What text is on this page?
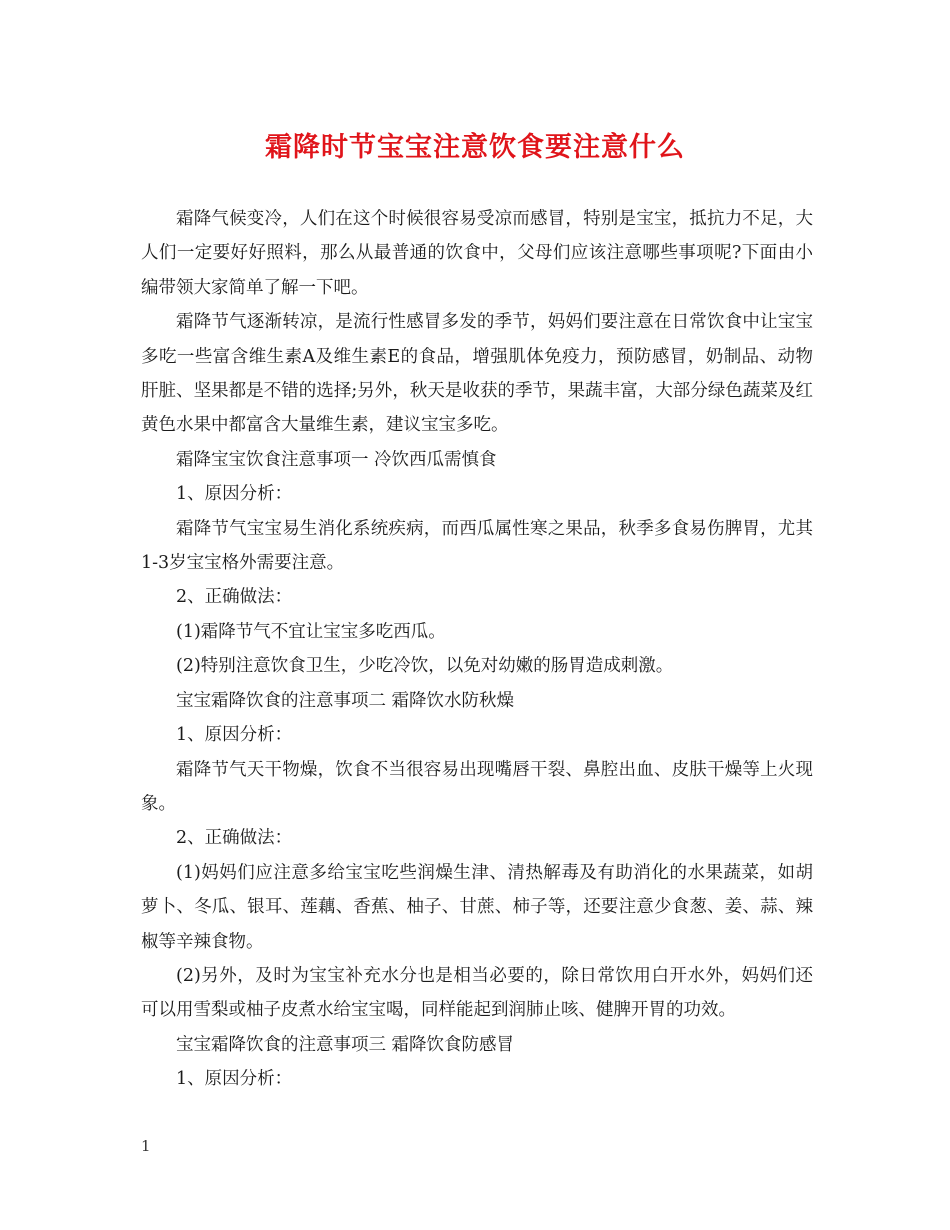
霜降时节宝宝注意饮食要注意什么

霜降气候变冷，人们在这个时候很容易受凉而感冒，特别是宝宝，抵抗力不足，大人们一定要好好照料，那么从最普通的饮食中，父母们应该注意哪些事项呢?下面由小编带领大家简单了解一下吧。

霜降节气逐渐转凉，是流行性感冒多发的季节，妈妈们要注意在日常饮食中让宝宝多吃一些富含维生素A及维生素E的食品，增强肌体免疫力，预防感冒，奶制品、动物肝脏、坚果都是不错的选择;另外，秋天是收获的季节，果蔬丰富，大部分绿色蔬菜及红黄色水果中都富含大量维生素，建议宝宝多吃。

霜降宝宝饮食注意事项一 冷饮西瓜需慎食

1、原因分析：

霜降节气宝宝易生消化系统疾病，而西瓜属性寒之果品，秋季多食易伤脾胃，尤其1-3岁宝宝格外需要注意。

2、正确做法：

(1)霜降节气不宜让宝宝多吃西瓜。

(2)特别注意饮食卫生，少吃冷饮，以免对幼嫩的肠胃造成刺激。

宝宝霜降饮食的注意事项二 霜降饮水防秋燥

1、原因分析：

霜降节气天干物燥，饮食不当很容易出现嘴唇干裂、鼻腔出血、皮肤干燥等上火现象。

2、正确做法：

(1)妈妈们应注意多给宝宝吃些润燥生津、清热解毒及有助消化的水果蔬菜，如胡萝卜、冬瓜、银耳、莲藕、香蕉、柚子、甘蔗、柿子等，还要注意少食葱、姜、蒜、辣椒等辛辣食物。

(2)另外，及时为宝宝补充水分也是相当必要的，除日常饮用白开水外，妈妈们还可以用雪梨或柚子皮煮水给宝宝喝，同样能起到润肺止咳、健脾开胃的功效。

宝宝霜降饮食的注意事项三 霜降饮食防感冒

1、原因分析：

1
